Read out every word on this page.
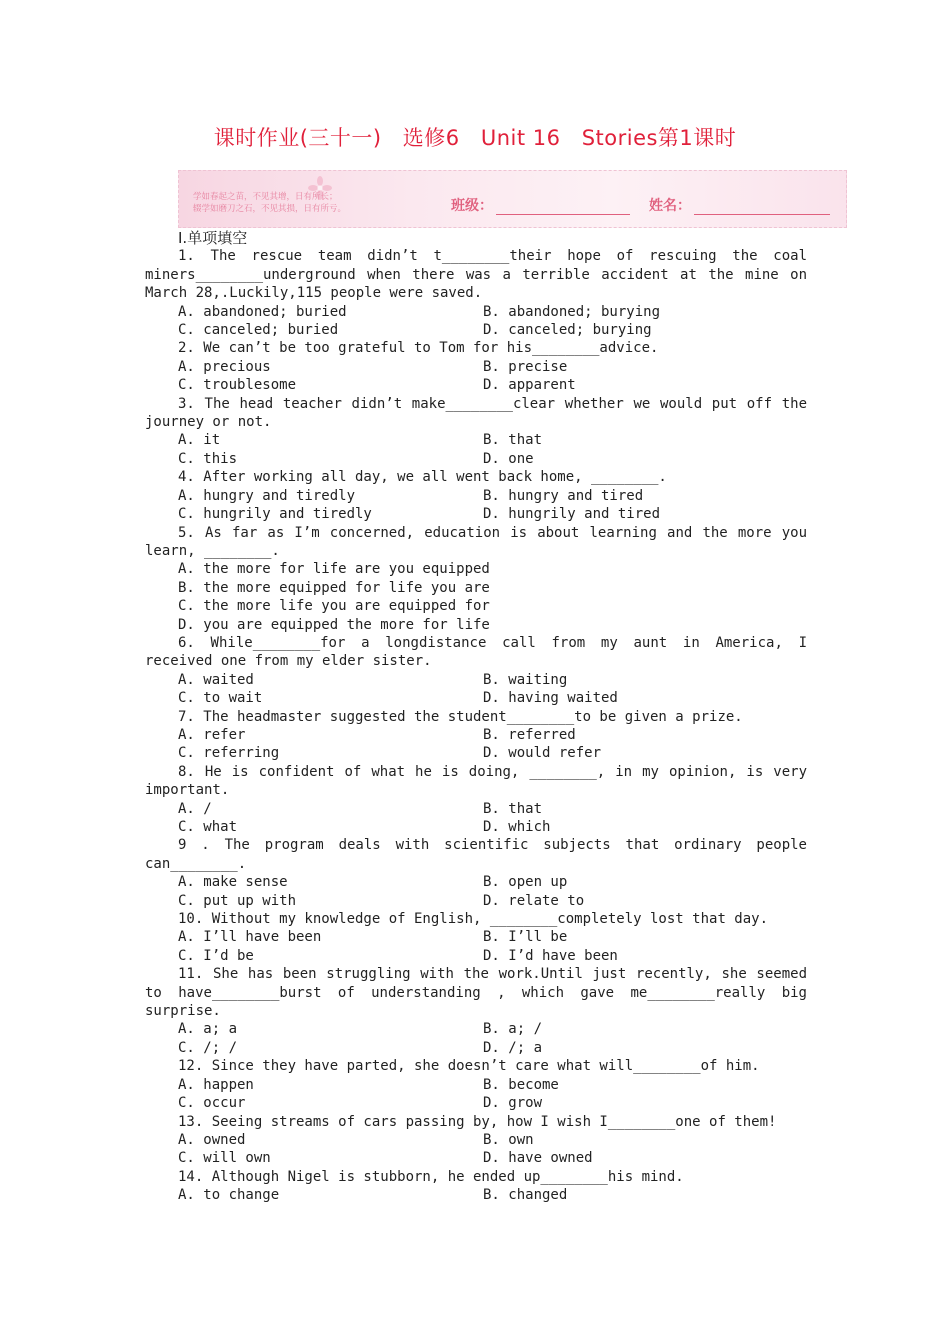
课时作业(三十一) 选修6 Unit 16 Stories第1课时
学如春起之苗，不见其增，日有所长；
辍学如磨刀之石，不见其损，日有所亏。	班级：	姓名：
Ⅰ.单项填空
1. The rescue team didn’t t________their hope of rescuing the coal miners________underground when there was a terrible accident at the mine on March 28,.Luckily,115 people were saved.
A. abandoned; buried	B. abandoned; burying
C. canceled; buried	D. canceled; burying
2. We can’t be too grateful to Tom for his________advice.
A. precious	B. precise
C. troublesome	D. apparent
3. The head teacher didn’t make________clear whether we would put off the journey or not.
A. it	B. that
C. this	D. one
4. After working all day, we all went back home, ________.
A. hungry and tiredly	B. hungry and tired
C. hungrily and tiredly	D. hungrily and tired
5. As far as I’m concerned, education is about learning and the more you learn, ________.
A. the more for life are you equipped
B. the more equipped for life you are
C. the more life you are equipped for
D. you are equipped the more for life
6. While________for a longdistance call from my aunt in America, I received one from my elder sister.
A. waited	B. waiting
C. to wait	D. having waited
7. The headmaster suggested the student________to be given a prize.
A. refer	B. referred
C. referring	D. would refer
8. He is confident of what he is doing, ________, in my opinion, is very important.
A. /	B. that
C. what	D. which
9 . The program deals with scientific subjects that ordinary people can________.
A. make sense	B. open up
C. put up with	D. relate to
10. Without my knowledge of English, ________completely lost that day.
A. I’ll have been	B. I’ll be
C. I’d be	D. I’d have been
11. She has been struggling with the work.Until just recently, she seemed to have________burst of understanding , which gave me________really big surprise.
A. a; a	B. a; /
C. /; /	D. /; a
12. Since they have parted, she doesn’t care what will________of him.
A. happen	B. become
C. occur	D. grow
13. Seeing streams of cars passing by, how I wish I________one of them!
A. owned	B. own
C. will own	D. have owned
14. Although Nigel is stubborn, he ended up________his mind.
A. to change	B. changed
